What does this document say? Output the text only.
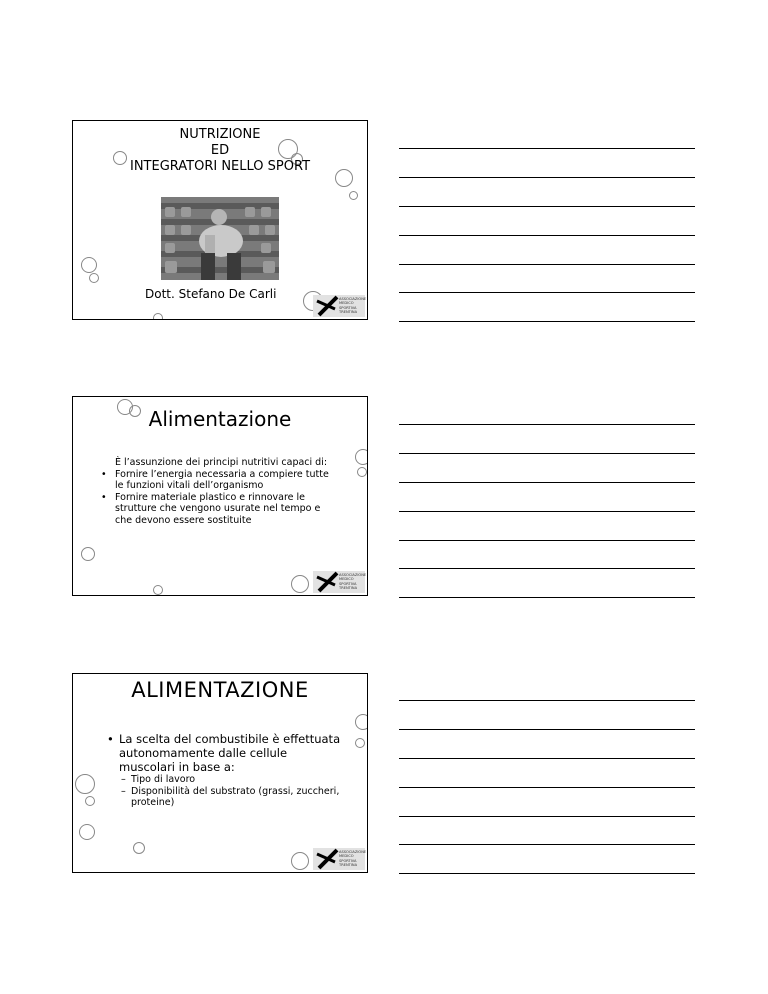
NUTRIZIONE
ED
INTEGRATORI NELLO SPORT
Dott. Stefano De Carli	ASSOCIAZIONE MEDICO SPORTIVA TRENTINA
Alimentazione
È l’assunzione dei principi nutritivi capaci di:
• Fornire l’energia necessaria a compiere tutte le funzioni vitali dell’organismo
• Fornire materiale plastico e rinnovare le strutture che vengono usurate nel tempo e che devono essere sostituite
ASSOCIAZIONE MEDICO SPORTIVA TRENTINA
ALIMENTAZIONE
• La scelta del combustibile è effettuata autonomamente dalle cellule muscolari in base a:
– Tipo di lavoro
– Disponibilità del substrato (grassi, zuccheri, proteine)
ASSOCIAZIONE MEDICO SPORTIVA TRENTINA
